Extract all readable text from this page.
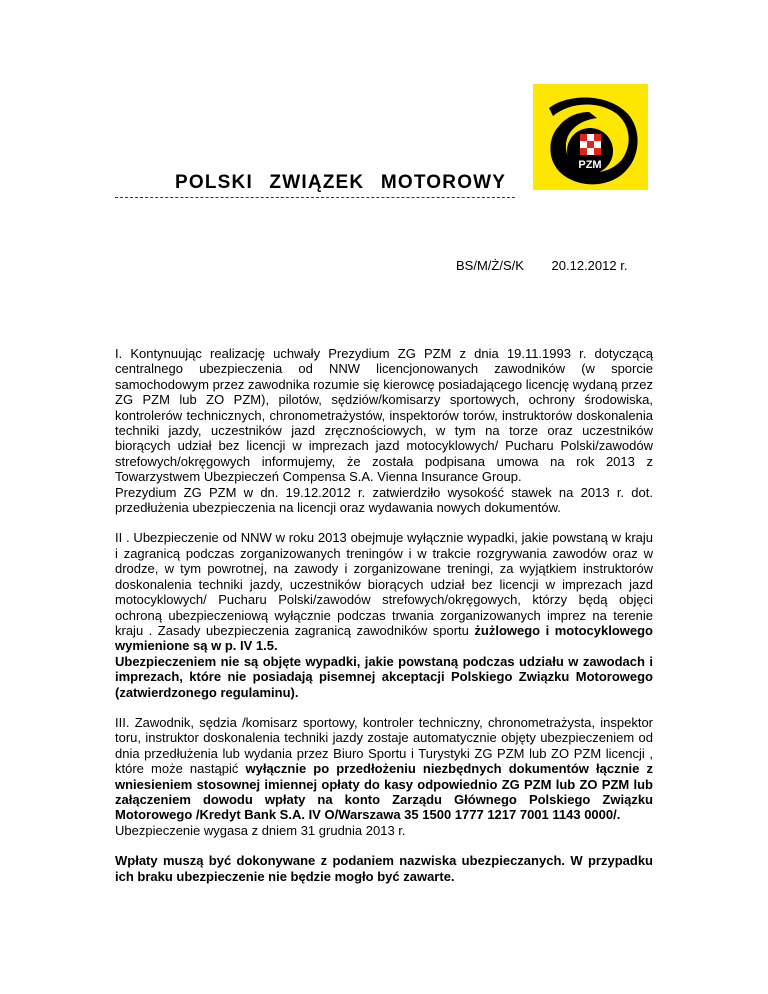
POLSKI ZWIĄZEK MOTOROWY
PZM
BS/M/Ż/S/K 20.12.2012 r.

I. Kontynuując realizację uchwały Prezydium ZG PZM z dnia 19.11.1993 r. dotyczącą centralnego ubezpieczenia od NNW licencjonowanych zawodników (w sporcie samochodowym przez zawodnika rozumie się kierowcę posiadającego licencję wydaną przez ZG PZM lub ZO PZM), pilotów, sędziów/komisarzy sportowych, ochrony środowiska, kontrolerów technicznych, chronometrażystów, inspektorów torów, instruktorów doskonalenia techniki jazdy, uczestników jazd zręcznościowych, w tym na torze oraz uczestników biorących udział bez licencji w imprezach jazd motocyklowych/ Pucharu Polski/zawodów strefowych/okręgowych informujemy, że została podpisana umowa na rok 2013 z Towarzystwem Ubezpieczeń Compensa S.A. Vienna Insurance Group.
Prezydium ZG PZM w dn. 19.12.2012 r. zatwierdziło wysokość stawek na 2013 r. dot. przedłużenia ubezpieczenia na licencji oraz wydawania nowych dokumentów.

II . Ubezpieczenie od NNW w roku 2013 obejmuje wyłącznie wypadki, jakie powstaną w kraju i zagranicą podczas zorganizowanych treningów i w trakcie rozgrywania zawodów oraz w drodze, w tym powrotnej, na zawody i zorganizowane treningi, za wyjątkiem instruktorów doskonalenia techniki jazdy, uczestników biorących udział bez licencji w imprezach jazd motocyklowych/ Pucharu Polski/zawodów strefowych/okręgowych, którzy będą objęci ochroną ubezpieczeniową wyłącznie podczas trwania zorganizowanych imprez na terenie kraju . Zasady ubezpieczenia zagranicą zawodników sportu żużlowego i motocyklowego wymienione są w p. IV 1.5.
Ubezpieczeniem nie są objęte wypadki, jakie powstaną podczas udziału w zawodach i imprezach, które nie posiadają pisemnej akceptacji Polskiego Związku Motorowego (zatwierdzonego regulaminu).

III. Zawodnik, sędzia /komisarz sportowy, kontroler techniczny, chronometrażysta, inspektor toru, instruktor doskonalenia techniki jazdy zostaje automatycznie objęty ubezpieczeniem od dnia przedłużenia lub wydania przez Biuro Sportu i Turystyki ZG PZM lub ZO PZM licencji , które może nastąpić wyłącznie po przedłożeniu niezbędnych dokumentów łącznie z wniesieniem stosownej imiennej opłaty do kasy odpowiednio ZG PZM lub ZO PZM lub załączeniem dowodu wpłaty na konto Zarządu Głównego Polskiego Związku Motorowego /Kredyt Bank S.A. IV O/Warszawa 35 1500 1777 1217 7001 1143 0000/.
Ubezpieczenie wygasa z dniem 31 grudnia 2013 r.

Wpłaty muszą być dokonywane z podaniem nazwiska ubezpieczanych. W przypadku ich braku ubezpieczenie nie będzie mogło być zawarte.
